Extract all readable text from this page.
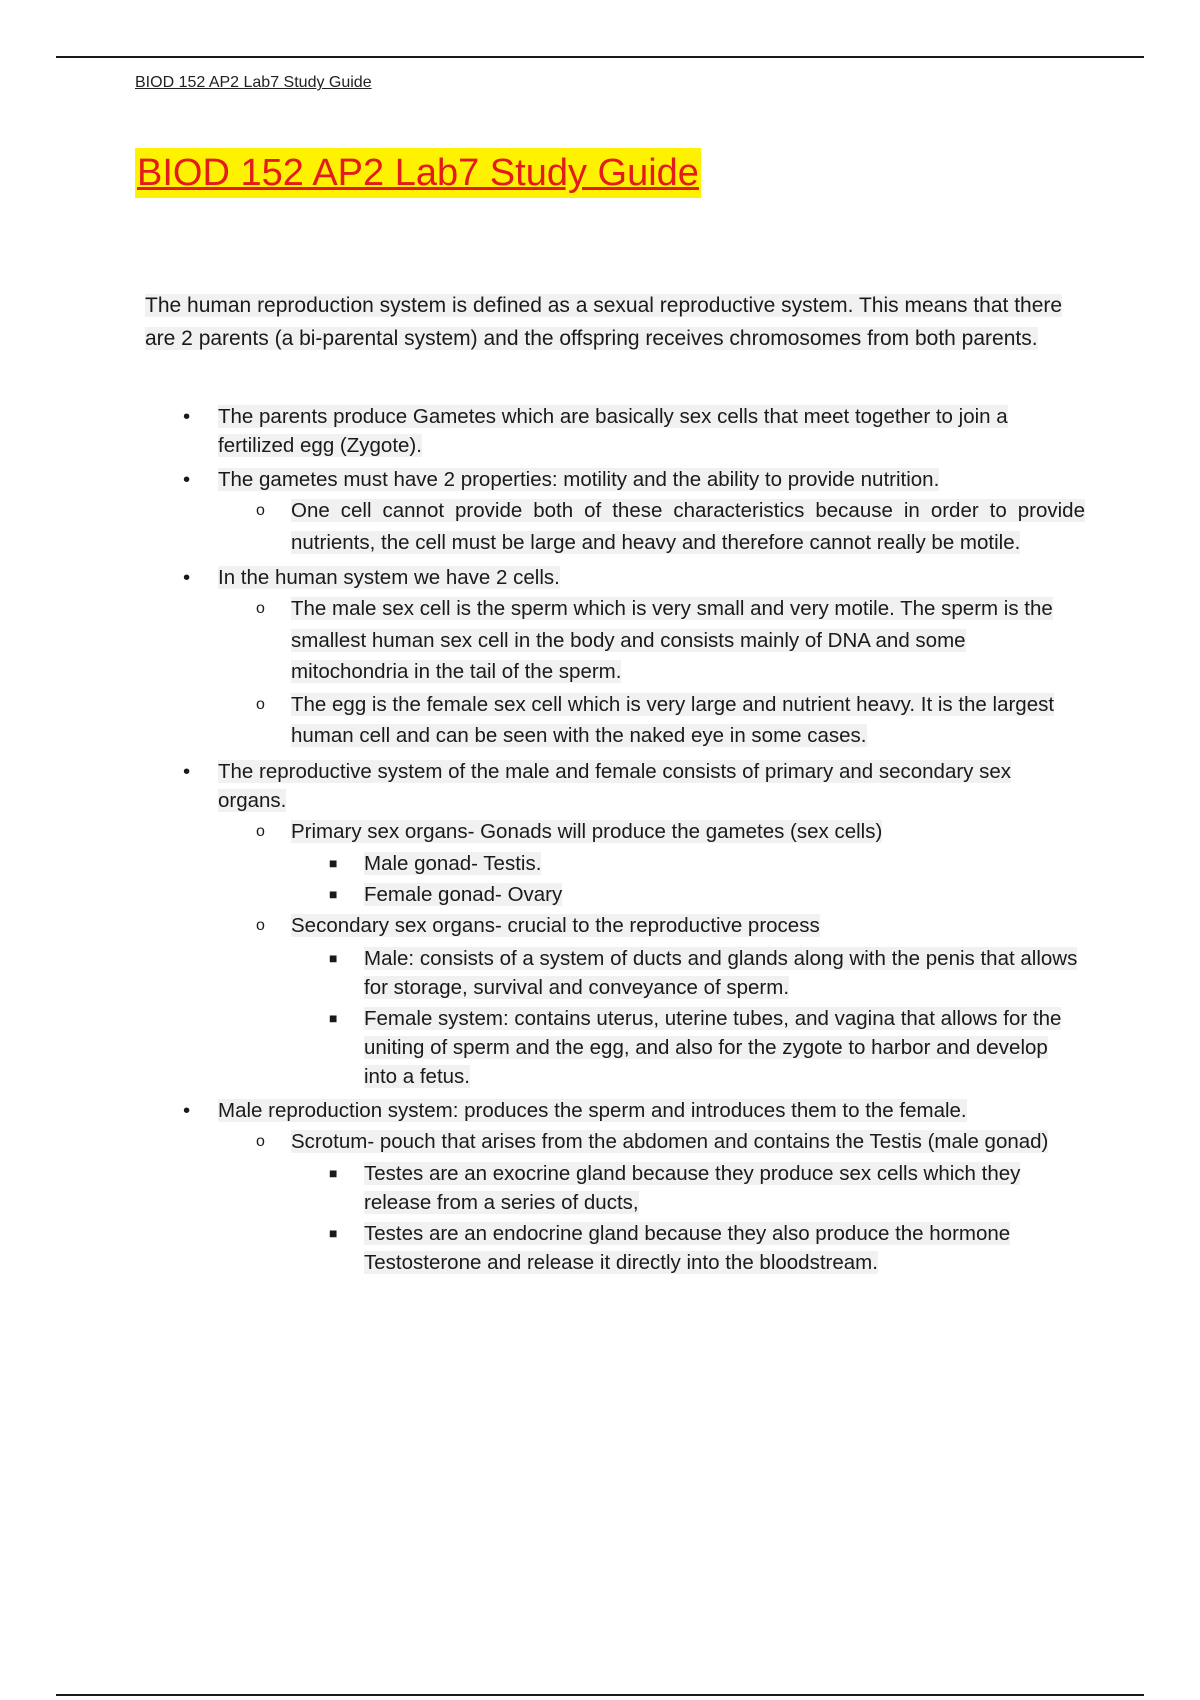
BIOD 152 AP2 Lab7 Study Guide
BIOD 152 AP2 Lab7 Study Guide

The human reproduction system is defined as a sexual reproductive system. This means that there are 2 parents (a bi-parental system) and the offspring receives chromosomes from both parents.

• The parents produce Gametes which are basically sex cells that meet together to join a fertilized egg (Zygote).
• The gametes must have 2 properties: motility and the ability to provide nutrition.
o One cell cannot provide both of these characteristics because in order to provide nutrients, the cell must be large and heavy and therefore cannot really be motile.
• In the human system we have 2 cells.
o The male sex cell is the sperm which is very small and very motile. The sperm is the smallest human sex cell in the body and consists mainly of DNA and some mitochondria in the tail of the sperm.
o The egg is the female sex cell which is very large and nutrient heavy. It is the largest human cell and can be seen with the naked eye in some cases.
• The reproductive system of the male and female consists of primary and secondary sex organs.
o Primary sex organs- Gonads will produce the gametes (sex cells)
■ Male gonad- Testis.
■ Female gonad- Ovary
o Secondary sex organs- crucial to the reproductive process
■ Male: consists of a system of ducts and glands along with the penis that allows for storage, survival and conveyance of sperm.
■ Female system: contains uterus, uterine tubes, and vagina that allows for the uniting of sperm and the egg, and also for the zygote to harbor and develop into a fetus.
• Male reproduction system: produces the sperm and introduces them to the female.
o Scrotum- pouch that arises from the abdomen and contains the Testis (male gonad)
■ Testes are an exocrine gland because they produce sex cells which they release from a series of ducts,
■ Testes are an endocrine gland because they also produce the hormone Testosterone and release it directly into the bloodstream.
